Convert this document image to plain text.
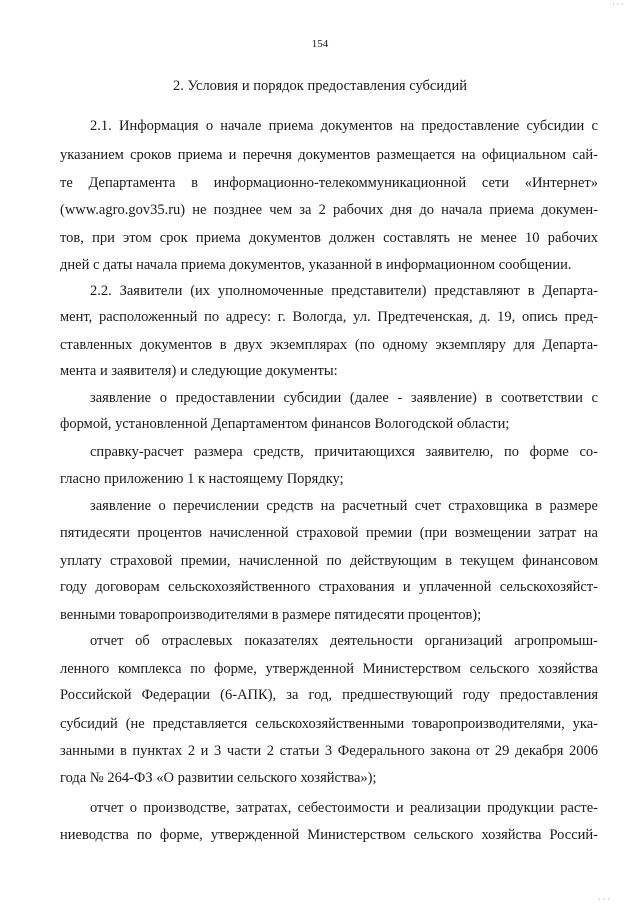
· · ·
154
2. Условия и порядок предоставления субсидий
2.1. Информация о начале приема документов на предоставление субсидии с
указанием сроков приема и перечня документов размещается на официальном сай-
те Департамента в информационно-телекоммуникационной сети «Интернет»
(www.agro.gov35.ru) не позднее чем за 2 рабочих дня до начала приема докумен-
тов, при этом срок приема документов должен составлять не менее 10 рабочих
дней с даты начала приема документов, указанной в информационном сообщении.
2.2. Заявители (их уполномоченные представители) представляют в Департа-
мент, расположенный по адресу: г. Вологда, ул. Предтеченская, д. 19, опись пред-
ставленных документов в двух экземплярах (по одному экземпляру для Департа-
мента и заявителя) и следующие документы:
заявление о предоставлении субсидии (далее - заявление) в соответствии с
формой, установленной Департаментом финансов Вологодской области;
справку-расчет размера средств, причитающихся заявителю, по форме со-
гласно приложению 1 к настоящему Порядку;
заявление о перечислении средств на расчетный счет страховщика в размере
пятидесяти процентов начисленной страховой премии (при возмещении затрат на
уплату страховой премии, начисленной по действующим в текущем финансовом
году договорам сельскохозяйственного страхования и уплаченной сельскохозяйст-
венными товаропроизводителями в размере пятидесяти процентов);
отчет об отраслевых показателях деятельности организаций агропромыш-
ленного комплекса по форме, утвержденной Министерством сельского хозяйства
Российской Федерации (6-АПК), за год, предшествующий году предоставления
субсидий (не представляется сельскохозяйственными товаропроизводителями, ука-
занными в пунктах 2 и 3 части 2 статьи 3 Федерального закона от 29 декабря 2006
года № 264-ФЗ «О развитии сельского хозяйства»);
отчет о производстве, затратах, себестоимости и реализации продукции расте-
ниеводства по форме, утвержденной Министерством сельского хозяйства Россий-
· · ·
